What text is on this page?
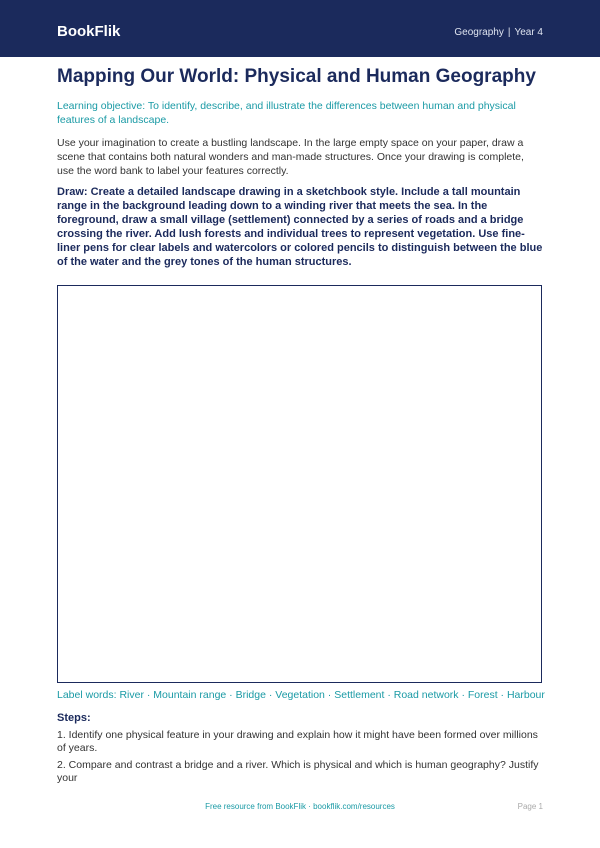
BookFlik	Geography | Year 4
Mapping Our World: Physical and Human Geography

Learning objective: To identify, describe, and illustrate the differences between human and physical features of a landscape.

Use your imagination to create a bustling landscape. In the large empty space on your paper, draw a scene that contains both natural wonders and man-made structures. Once your drawing is complete, use the word bank to label your features correctly.

Draw: Create a detailed landscape drawing in a sketchbook style. Include a tall mountain range in the background leading down to a winding river that meets the sea. In the foreground, draw a small village (settlement) connected by a series of roads and a bridge crossing the river. Add lush forests and individual trees to represent vegetation. Use fine-liner pens for clear labels and watercolors or colored pencils to distinguish between the blue of the water and the grey tones of the human structures.

Label words: River · Mountain range · Bridge · Vegetation · Settlement · Road network · Forest · Harbour

Steps:

1. Identify one physical feature in your drawing and explain how it might have been formed over millions of years.
2. Compare and contrast a bridge and a river. Which is physical and which is human geography? Justify your
Free resource from BookFlik · bookflik.com/resources	Page 1
